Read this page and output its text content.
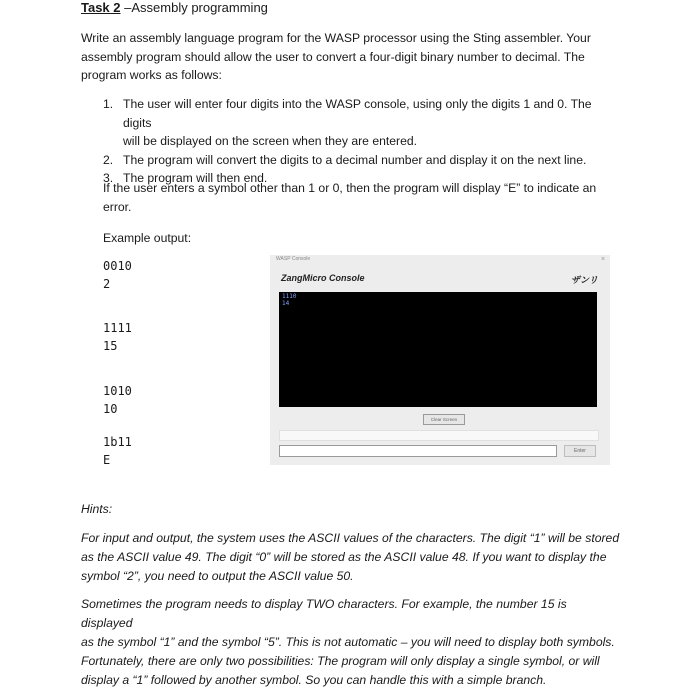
Task 2 –Assembly programming
Write an assembly language program for the WASP processor using the Sting assembler. Your
assembly program should allow the user to convert a four-digit binary number to decimal. The
program works as follows:
1. The user will enter four digits into the WASP console, using only the digits 1 and 0. The digits
will be displayed on the screen when they are entered.
2. The program will convert the digits to a decimal number and display it on the next line.
3. The program will then end.
If the user enters a symbol other than 1 or 0, then the program will display “E” to indicate an
error.
Example output:
0010
2
1111
15
1010
10
1b11
E
WASP Console	×
ZangMicro Console	ザンリ
1110
14
Clear Screen
Enter
Hints:
For input and output, the system uses the ASCII values of the characters. The digit “1” will be stored
as the ASCII value 49. The digit “0” will be stored as the ASCII value 48. If you want to display the
symbol “2”, you need to output the ASCII value 50.
Sometimes the program needs to display TWO characters. For example, the number 15 is displayed
as the symbol “1” and the symbol “5”. This is not automatic – you will need to display both symbols.
Fortunately, there are only two possibilities: The program will only display a single symbol, or will
display a “1” followed by another symbol. So you can handle this with a simple branch.
